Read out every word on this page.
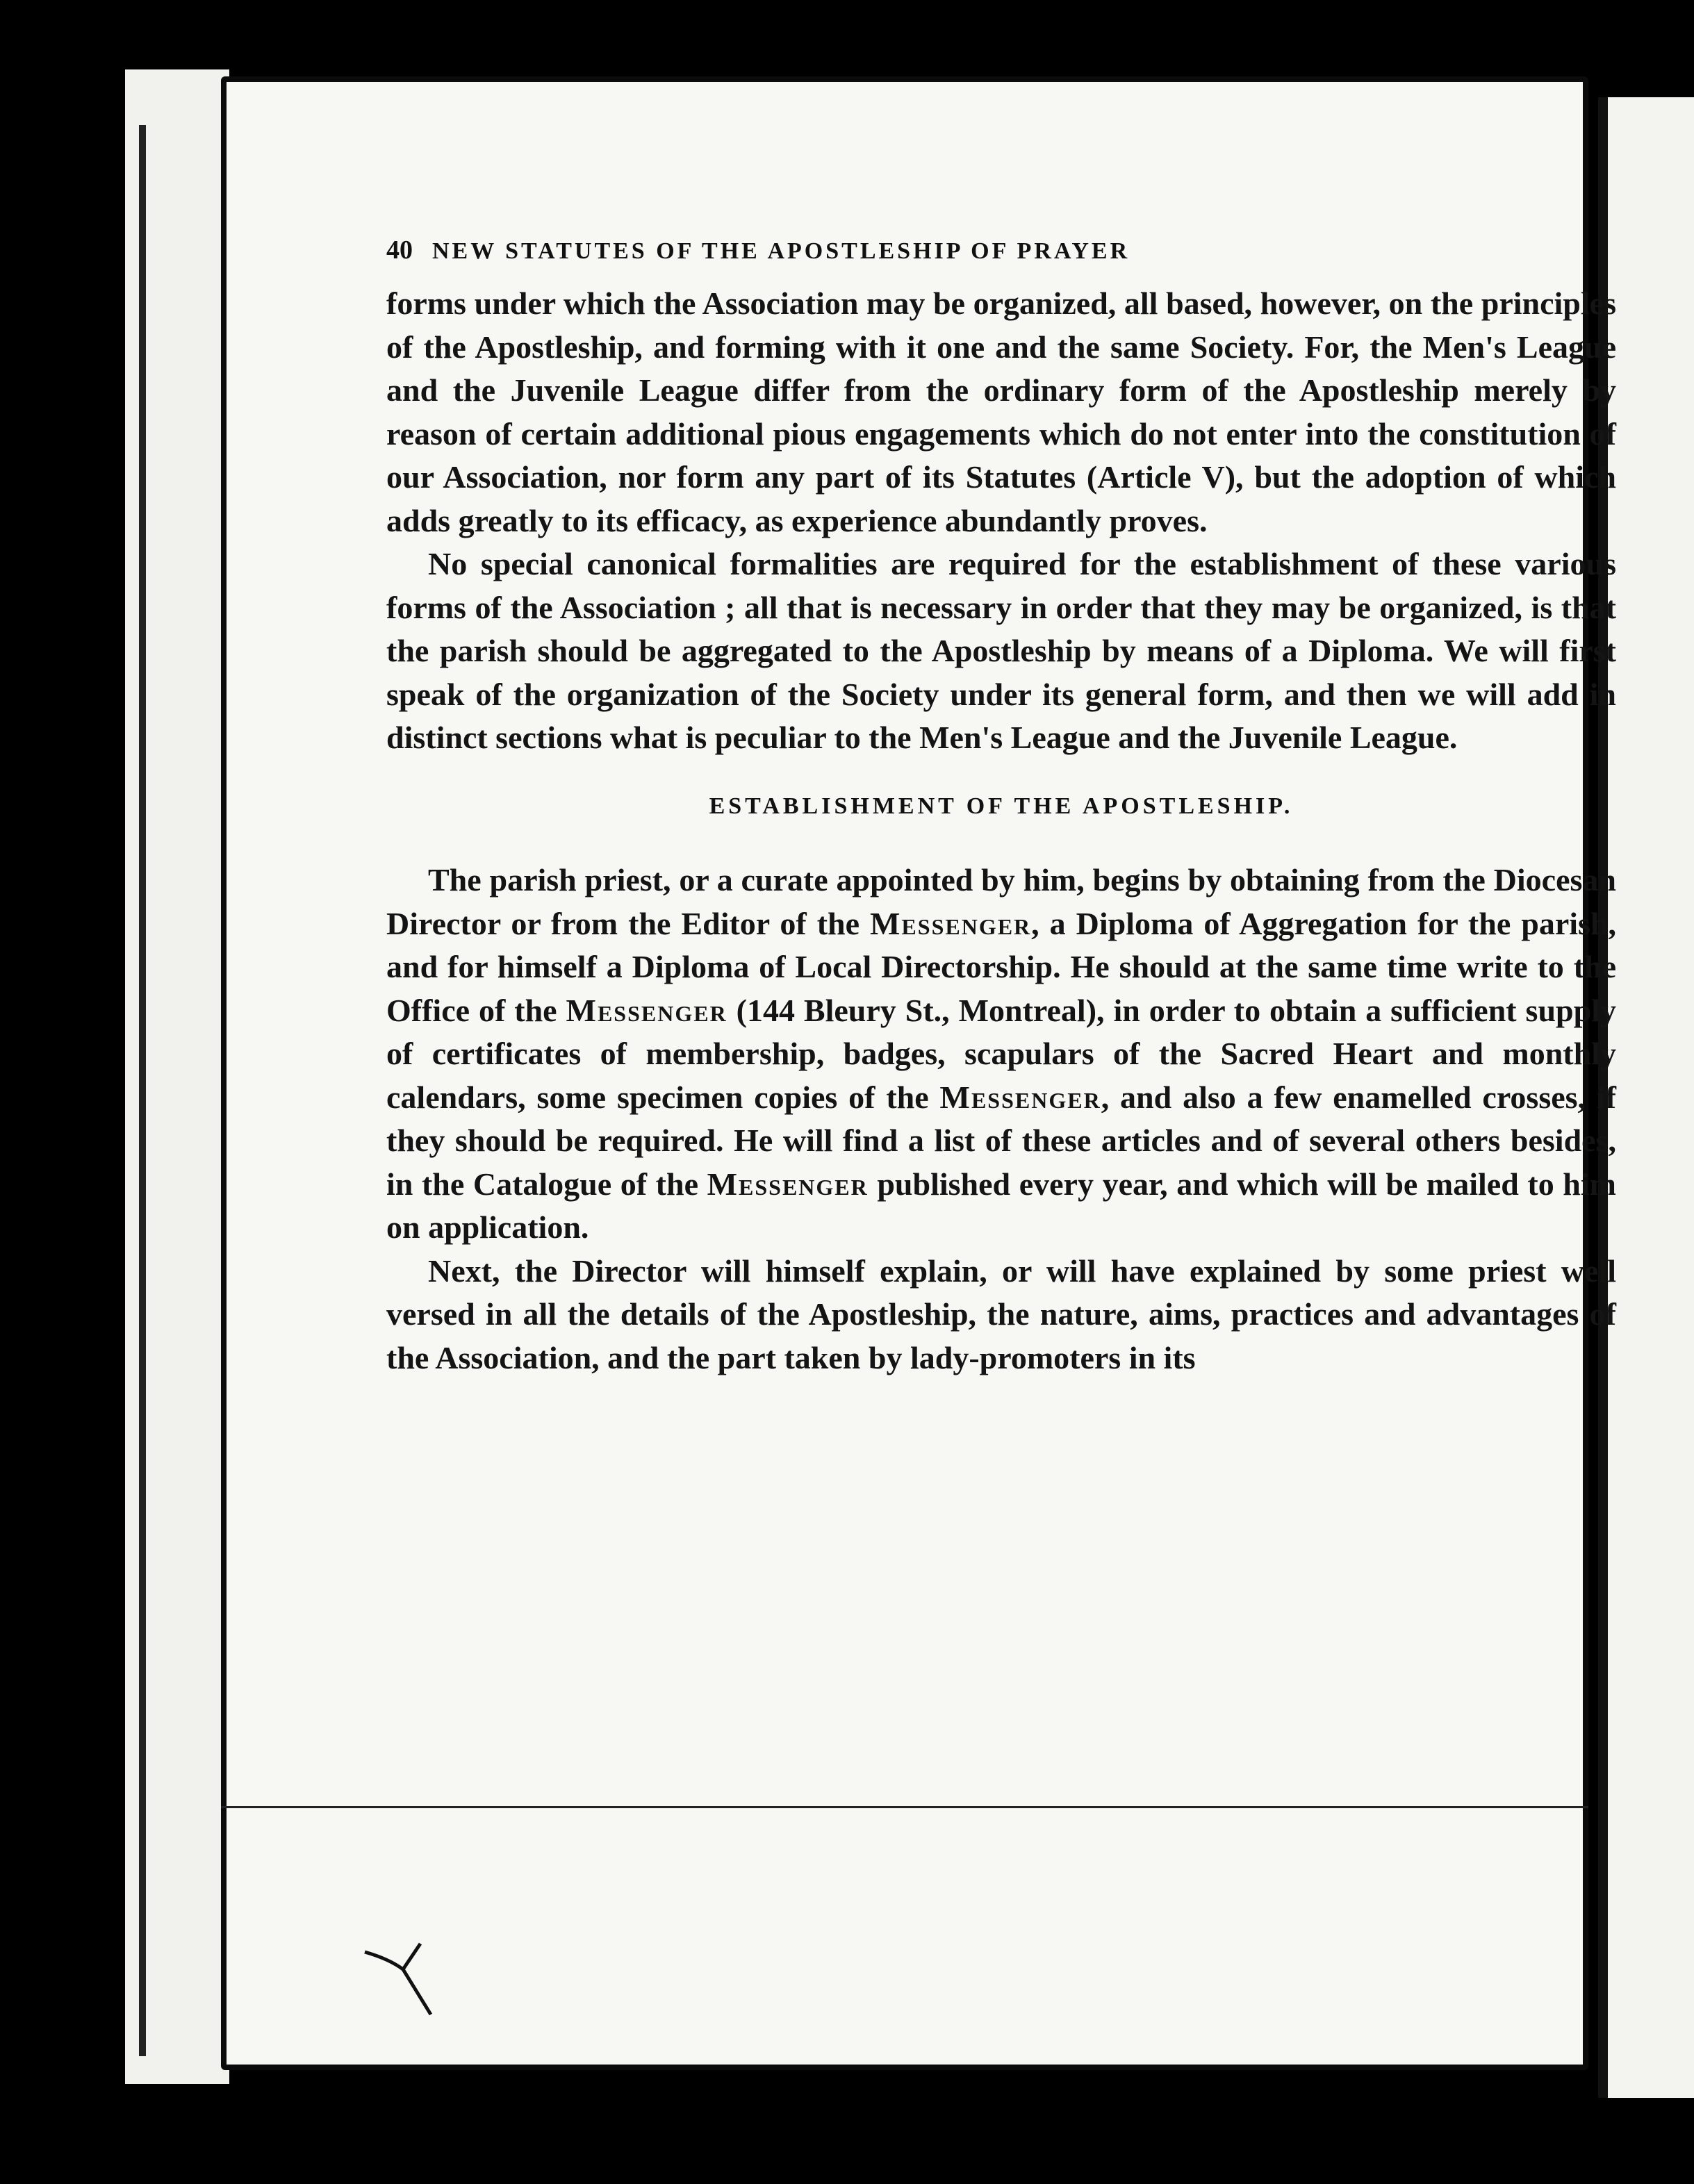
40 NEW STATUTES OF THE APOSTLESHIP OF PRAYER

forms under which the Association may be organized, all based, however, on the principles of the Apostleship, and forming with it one and the same Society. For, the Men's League and the Juvenile League differ from the ordinary form of the Apostleship merely by reason of certain additional pious engagements which do not enter into the constitution of our Association, nor form any part of its Statutes (Article V), but the adoption of which adds greatly to its efficacy, as experience abundantly proves.

No special canonical formalities are required for the establishment of these various forms of the Association ; all that is necessary in order that they may be organized, is that the parish should be aggregated to the Apostleship by means of a Diploma. We will first speak of the organization of the Society under its general form, and then we will add in distinct sections what is peculiar to the Men's League and the Juvenile League.

ESTABLISHMENT OF THE APOSTLESHIP.

The parish priest, or a curate appointed by him, begins by obtaining from the Diocesan Director or from the Editor of the Messenger, a Diploma of Aggregation for the parish, and for himself a Diploma of Local Directorship. He should at the same time write to the Office of the Messenger (144 Bleury St., Montreal), in order to obtain a sufficient supply of certificates of membership, badges, scapulars of the Sacred Heart and monthly calendars, some specimen copies of the Messenger, and also a few enamelled crosses, if they should be required. He will find a list of these articles and of several others besides, in the Catalogue of the Messenger published every year, and which will be mailed to him on application.

Next, the Director will himself explain, or will have explained by some priest well versed in all the details of the Apostleship, the nature, aims, practices and advantages of the Association, and the part taken by lady-promoters in its
